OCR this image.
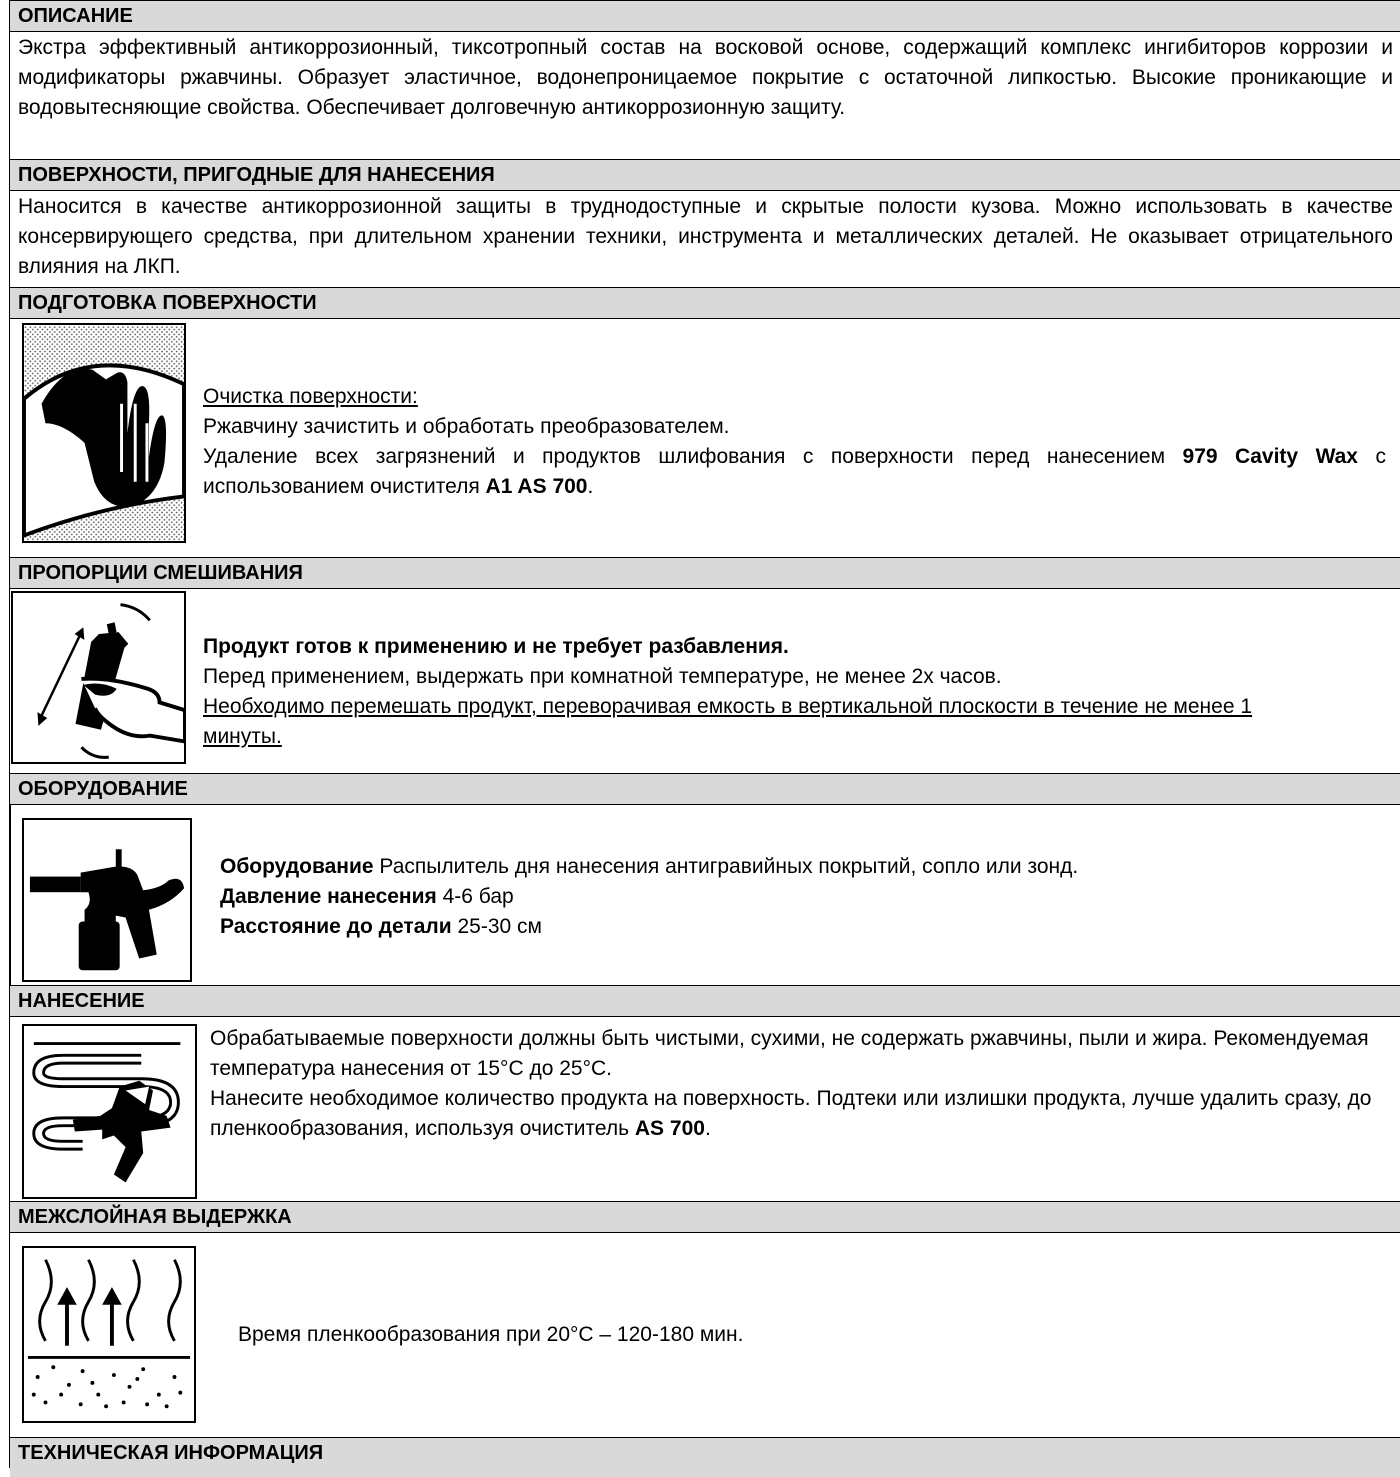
ОПИСАНИЕ

Экстра эффективный антикоррозионный, тиксотропный состав на восковой основе, содержащий комплекс ингибиторов коррозии и модификаторы ржавчины. Образует эластичное, водонепроницаемое покрытие с остаточной липкостью. Высокие проникающие и водовытесняющие свойства. Обеспечивает долговечную антикоррозионную защиту.

ПОВЕРХНОСТИ, ПРИГОДНЫЕ ДЛЯ НАНЕСЕНИЯ

Наносится в качестве антикоррозионной защиты в труднодоступные и скрытые полости кузова. Можно использовать в качестве консервирующего средства, при длительном хранении техники, инструмента и металлических деталей. Не оказывает отрицательного влияния на ЛКП.

ПОДГОТОВКА ПОВЕРХНОСТИ

Очистка поверхности:

Ржавчину зачистить и обработать преобразователем.

Удаление всех загрязнений и продуктов шлифования с поверхности перед нанесением 979 Cavity Wax с использованием очистителя A1 AS 700.

ПРОПОРЦИИ СМЕШИВАНИЯ

Продукт готов к применению и не требует разбавления.

Перед применением, выдержать при комнатной температуре, не менее 2х часов.

Необходимо перемешать продукт, переворачивая емкость в вертикальной плоскости в течение не менее 1 минуты.

ОБОРУДОВАНИЕ

Оборудование Распылитель дня нанесения антигравийных покрытий, сопло или зонд.

Давление нанесения 4-6 бар

Расстояние до детали 25-30 см

НАНЕСЕНИЕ

Обрабатываемые поверхности должны быть чистыми, сухими, не содержать ржавчины, пыли и жира. Рекомендуемая температура нанесения от 15°C до 25°C.

Нанесите необходимое количество продукта на поверхность. Подтеки или излишки продукта, лучше удалить сразу, до пленкообразования, используя очиститель AS 700.

МЕЖСЛОЙНАЯ ВЫДЕРЖКА

Время пленкообразования при 20°C – 120-180 мин.

ТЕХНИЧЕСКАЯ ИНФОРМАЦИЯ
